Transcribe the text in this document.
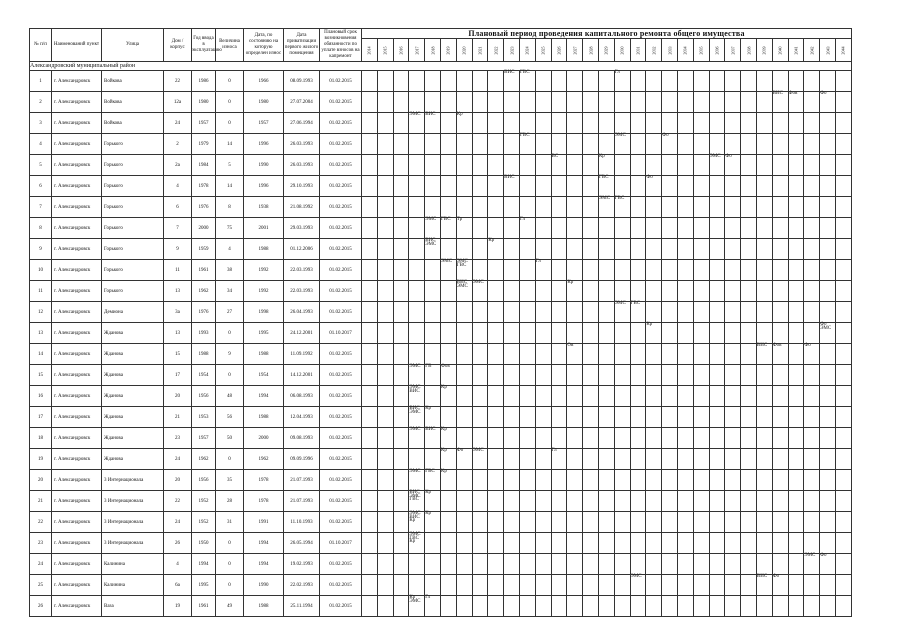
№ п/п	Наименований пункт	Улица	Дом / корпус	Год ввода в эксплуатацию	Величина износа	Дата, по состоянию на которую определен износ	Дата приватизации первого жилого помещения	Плановый срок возникновения обязанности по уплате взносов на капремонт	Плановый период проведения капитального ремонта общего имущества																														
									2014	2015	2016	2017	2018	2019	2020	2021	2022	2023	2024	2025	2026	2027	2028	2029	2030	2031	2032	2033	2034	2035	2036	2037	2038	2039	2040	2041	2042	2043	2044
Александровский муниципальный район																																							
1	г. Александровск	Войкова	22	1986	0	1966	08.09.1993	01.02.2015										ВИС	ГВС						Гл														
2	г. Александровск	Войкова	12а	1980	0	1980	27.07.2004	01.02.2015																											ВИС	Фов		Фо	
3	г. Александровск	Войкова	24	1957	0	1957	27.06.1994	01.02.2015				ЭМС	ВИС		Кр																								
4	г. Александровск	Горького	2	1979	14	1996	26.03.1993	01.02.2015											ГВС						ЭМС			Фо											
5	г. Александровск	Горького	2а	1984	5	1990	26.03.1993	01.02.2015													ВС			Кр							ЭМС	Фо							
6	г. Александровск	Горького	4	1978	14	1996	29.10.1993	01.02.2015										ВИС						ГВС			Фо												
7	г. Александровск	Горького	6	1976	8	1938	21.08.1992	01.02.2015																ЭМС	ГВС														
8	г. Александровск	Горького	7	2000	75	2001	29.03.1993	01.02.2015					ЭМС	ГВС	Тр				Гл																				
9	г. Александровск	Горького	9	1959	4	1988	01.12.2006	01.02.2015					ВИС ЭМС				Кр																						
10	г. Александровск	Горького	11	1961	38	1992	22.03.1993	01.02.2015						ЭМС	ЭМС ГВС					Гл																			
11	г. Александровск	Горького	13	1962	34	1992	22.03.1993	01.02.2015							ВИС ЭМС	ЭМС						Кр																	
12	г. Александровск	Демиона	3а	1976	27	1998	26.04.1993	01.02.2015																	ЭМС	ГВС													
13	г. Александровск	Жданова	13	1993	0	1995	24.12.2001	01.10.2017																			Кр											Фо ЭМС	
14	г. Александровск	Жданова	15	1988	9	1988	11.09.1992	01.02.2015														Ов												ВИС	Фов		Фо		
15	г. Александровск	Жданова	17	1954	0	1954	14.12.2001	01.02.2015				ЭМС	ГВ	Фов																									
16	г. Александровск	Жданова	20	1956	48	1994	06.08.1993	01.02.2015				ЭМС ВИС		Кр																									
17	г. Александровск	Жданова	21	1953	56	1988	12.04.1993	01.02.2015				ВИС ЭМС	Кр																										
18	г. Александровск	Жданова	23	1957	50	2000	09.08.1993	01.02.2015				ЭМС	ВИС	Кр																									
19	г. Александровск	Жданова	24	1962	0	1962	09.09.1996	01.02.2015						Кр	Фо	ЭМС					Гл																		
20	г. Александровск	3 Интернационала	20	1956	35	1978	21.07.1993	01.02.2015				ЭМС	ГВС	Кр																									
21	г. Александровск	3 Интернационала	22	1952	28	1978	21.07.1993	01.02.2015				ВИС ЭМС ГВС	Кр																										
22	г. Александровск	3 Интернационала	24	1952	31	1991	11.10.1993	01.02.2015				ЭМС ВИС Кр	Кр																										
23	г. Александровск	3 Интернационала	26	1950	0	1994	26.05.1994	01.10.2017				ЭМС ГВС Кр																											
24	г. Александровск	Калинина	4	1994	0	1994	19.02.1993	01.02.2015																													ЭМС	Фо	
25	г. Александровск	Калинина	6а	1995	0	1990	22.02.1993	01.02.2015																		ЭМС								ВИС	Фо				
26	г. Александровск	Ваза	19	1961	49	1988	25.11.1994	01.02.2015				Кр ЭМС	Гл																										
